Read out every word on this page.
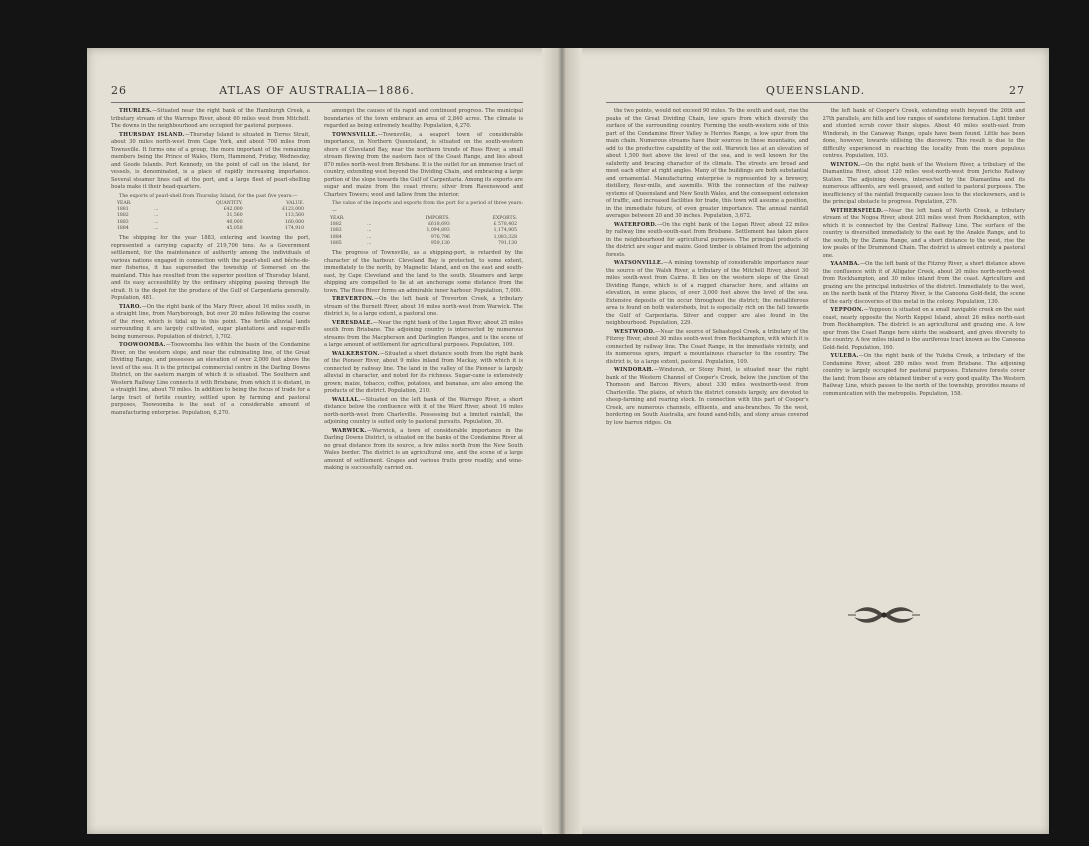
26	ATLAS OF AUSTRALIA—1886.

THURLES.—Situated near the right bank of the Hamburgh Creek, a tributary stream of the Warrego River, about 60 miles west from Mitchell. The downs in the neighbourhood are occupied for pastoral purposes.

THURSDAY ISLAND.—Thursday Island is situated in Torres Strait, about 30 miles north-west from Cape York, and about 700 miles from Townsville. It forms one of a group, the more important of the remaining members being the Prince of Wales, Horn, Hammond, Friday, Wednesday, and Goode Islands. Port Kennedy, on the point of call on the island, for vessels, is denominated, is a place of rapidly increasing importance. Several steamer lines call at the port, and a large fleet of pearl-shelling boats make it their head-quarters.

The exports of pearl-shell from Thursday Island, for the past five years:—
YEAR.		QUANTITY.	VALUE.
1881	...	£42,000	£123,000
1882	...	31,560	113,560
1883	...	40,000	160,000
1884	...	45,058	174,910

The shipping for the year 1883, entering and leaving the port, represented a carrying capacity of 219,706 tons. As a Government settlement, for the maintenance of authority among the individuals of various nations engaged in connection with the pearl-shell and bêche-de-mer fisheries, it has superseded the township of Somerset on the mainland. This has resulted from the superior position of Thursday Island, and its easy accessibility by the ordinary shipping passing through the strait. It is the depot for the produce of the Gulf of Carpentaria generally. Population, 481.

TIARO.—On the right bank of the Mary River, about 16 miles south, in a straight line, from Maryborough, but over 20 miles following the course of the river, which is tidal up to this point. The fertile alluvial lands surrounding it are largely cultivated, sugar plantations and sugar-mills being numerous. Population of district, 1,702.

TOOWOOMBA.—Toowoomba lies within the basin of the Condamine River, on the western slope, and near the culminating line, of the Great Dividing Range, and possesses an elevation of over 2,000 feet above the level of the sea. It is the principal commercial centre in the Darling Downs District, on the eastern margin of which it is situated. The Southern and Western Railway Line connects it with Brisbane, from which it is distant, in a straight line, about 70 miles. In addition to being the focus of trade for a large tract of fertile country, settled upon by farming and pastoral purposes, Toowoomba is the seat of a considerable amount of manufacturing enterprise. Population, 6,270.

amongst the causes of its rapid and continued progress. The municipal boundaries of the town embrace an area of 2,840 acres. The climate is regarded as being extremely healthy. Population, 4,270.

TOWNSVILLE.—Townsville, a seaport town of considerable importance, in Northern Queensland, is situated on the south-western shore of Cleveland Bay, near the northern trends of Ross River, a small stream flowing from the eastern face of the Coast Range, and lies about 870 miles north-west from Brisbane. It is the outlet for an immense tract of country, extending west beyond the Dividing Chain, and embracing a large portion of the slope towards the Gulf of Carpentaria. Among its exports are sugar and maize from the coast rivers; silver from Ravenswood and Charters Towers; wool and tallow from the interior.

The value of the imports and exports from the port for a period of three years:—
YEAR.		IMPORTS.	EXPORTS.
1882	...	£618,693	£ 578,402
1883	...	1,094,893	1,174,905
1884	...	976,796	1,083,328
1885	...	959,130	791,130

The progress of Townsville, as a shipping-port, is retarded by the character of the harbour. Cleveland Bay is protected, to some extent, immediately to the north, by Magnetic Island, and on the east and south-east, by Cape Cleveland and the land to the south. Steamers and large shipping are compelled to lie at an anchorage some distance from the town. The Ross River forms an admirable inner harbour. Population, 7,000.

TREVERTON.—On the left bank of Treverton Creek, a tributary stream of the Burnett River, about 16 miles north-west from Warwick. The district is, to a large extent, a pastoral one.

VERESDALE.—Near the right bank of the Logan River, about 25 miles south from Brisbane. The adjoining country is intersected by numerous streams from the Macpherson and Darlington Ranges, and is the scene of a large amount of settlement for agricultural purposes. Population, 109.

WALKERSTON.—Situated a short distance south from the right bank of the Pioneer River, about 9 miles inland from Mackay, with which it is connected by railway line. The land in the valley of the Pioneer is largely alluvial in character, and noted for its richness. Sugar-cane is extensively grown; maize, tobacco, coffee, potatoes, and bananas, are also among the products of the district. Population, 210.

WALLAL.—Situated on the left bank of the Warrego River, a short distance below the confluence with it of the Ward River, about 16 miles north-north-west from Charleville. Possessing but a limited rainfall, the adjoining country is suited only to pastoral pursuits. Population, 30.

WARWICK.—Warwick, a town of considerable importance in the Darling Downs District, is situated on the banks of the Condamine River at no great distance from its source, a few miles north from the New South Wales border. The district is an agricultural one, and the scene of a large amount of settlement. Grapes and various fruits grow readily, and wine-making is successfully carried on.

QUEENSLAND.	27

the two points, would not exceed 90 miles. To the south and east, rise the peaks of the Great Dividing Chain, low spurs from which diversify the surface of the surrounding country. Forming the south-western side of this part of the Condamine River Valley is Herries Range, a low spur from the main chain. Numerous streams have their sources in these mountains, and add to the productive capability of the soil. Warwick lies at an elevation of about 1,500 feet above the level of the sea, and is well known for the salubrity and bracing character of its climate. The streets are broad and meet each other at right angles. Many of the buildings are both substantial and ornamental. Manufacturing enterprise is represented by a brewery, distillery, flour-mills, and sawmills. With the connection of the railway systems of Queensland and New South Wales, and the consequent extension of traffic, and increased facilities for trade, this town will assume a position, in the immediate future, of even greater importance. The annual rainfall averages between 20 and 30 inches. Population, 3,672.

WATERFORD.—On the right bank of the Logan River, about 22 miles by railway line south-south-east from Brisbane. Settlement has taken place in the neighbourhood for agricultural purposes. The principal products of the district are sugar and maize. Good timber is obtained from the adjoining forests.

WATSONVILLE.—A mining township of considerable importance near the source of the Walsh River, a tributary of the Mitchell River, about 30 miles south-west from Cairns. It lies on the western slope of the Great Dividing Range, which is of a rugged character here, and attains an elevation, in some places, of over 3,000 feet above the level of the sea. Extensive deposits of tin occur throughout the district; the metalliferous area is found on both watersheds, but is especially rich on the fall towards the Gulf of Carpentaria. Silver and copper are also found in the neighbourhood. Population, 229.

WESTWOOD.—Near the source of Sebastopol Creek, a tributary of the Fitzroy River, about 30 miles south-west from Rockhampton, with which it is connected by railway line. The Coast Range, in the immediate vicinity, and its numerous spurs, impart a mountainous character to the country. The district is, to a large extent, pastoral. Population, 109.

WINDORAH.—Windorah, or Stony Point, is situated near the right bank of the Western Channel of Cooper's Creek, below the junction of the Thomson and Barcoo Rivers, about 330 miles westnorth-west from Charleville. The plains, of which the district consists largely, are devoted to sheep-farming and rearing stock. In connection with this part of Cooper's Creek, are numerous channels, effluents, and ana-branches. To the west, bordering on South Australia, are found sand-hills, and stony areas covered by low barren ridges. On

the left bank of Cooper's Creek, extending south beyond the 26th and 27th parallels, are hills and low ranges of sandstone formation. Light timber and stunted scrub cover their slopes. About 40 miles south-east from Windorah, in the Canaway Range, opals have been found. Little has been done, however, towards utilising the discovery. This result is due to the difficulty experienced in reaching the locality from the more populous centres. Population, 103.

WINTON.—On the right bank of the Western River, a tributary of the Diamantina River, about 120 miles west-north-west from Jericho Railway Station. The adjoining downs, intersected by the Diamantina and its numerous affluents, are well grassed, and suited to pastoral purposes. The insufficiency of the rainfall frequently causes loss to the stockowners, and is the principal obstacle to progress. Population, 279.

WITHERSFIELD.—Near the left bank of North Creek, a tributary stream of the Nogoa River, about 203 miles west from Rockhampton, with which it is connected by the Central Railway Line. The surface of the country is diversified immediately to the east by the Anakie Range, and to the south, by the Zamia Range, and a short distance to the west, rise the low peaks of the Drummond Chain. The district is almost entirely a pastoral one.

YAAMBA.—On the left bank of the Fitzroy River, a short distance above the confluence with it of Alligator Creek, about 20 miles north-north-west from Rockhampton, and 30 miles inland from the coast. Agriculture and grazing are the principal industries of the district. Immediately to the west, on the north bank of the Fitzroy River, is the Canoona Gold-field, the scene of the early discoveries of this metal in the colony. Population, 130.

YEPPOON.—Yeppoon is situated on a small navigable creek on the east coast, nearly opposite the North Keppel Island, about 26 miles north-east from Rockhampton. The district is an agricultural and grazing one. A low spur from the Coast Range here skirts the seaboard, and gives diversity to the country. A few miles inland is the auriferous tract known as the Canoona Gold-field. Population, 160.

YULEBA.—On the right bank of the Yuleba Creek, a tributary of the Condamine River, about 280 miles west from Brisbane. The adjoining country is largely occupied for pastoral purposes. Extensive forests cover the land; from these are obtained timber of a very good quality. The Western Railway Line, which passes to the north of the township, provides means of communication with the metropolis. Population, 158.
